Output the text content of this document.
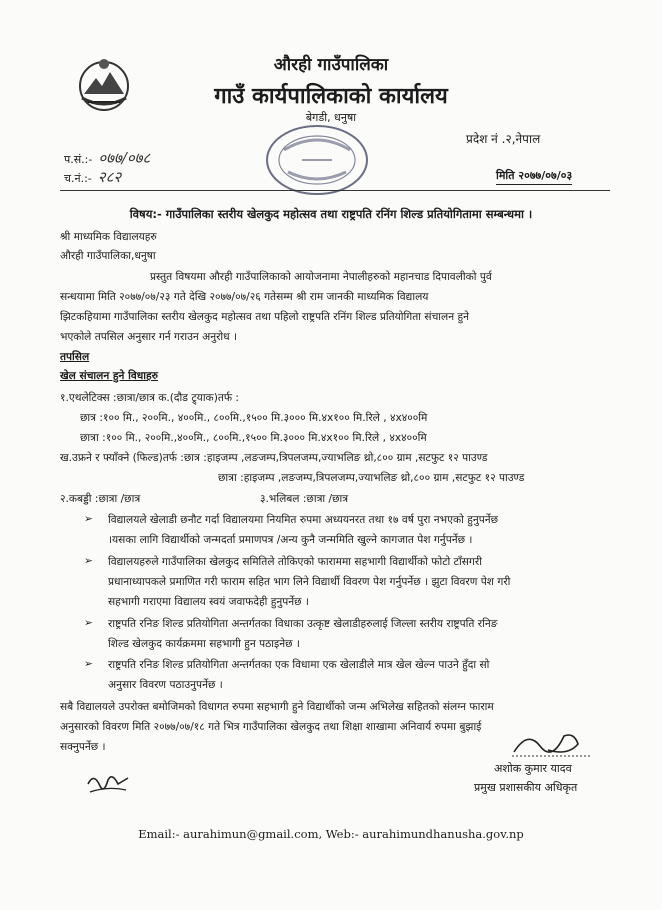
औरही गाउँपालिका
गाउँ कार्यपालिकाको कार्यालय
बेगडी, धनुषा
प.सं.:- ०७७/०७८
च.नं.:- २८२
प्रदेश नं .२,नेपाल
मिति २०७७/०७/०३
विषय:- गाउँपालिका स्तरीय खेलकुद महोत्सव तथा राष्ट्रपति रनिंग शिल्ड प्रतियोगितामा सम्बन्धमा ।
श्री माध्यमिक विद्यालयहरु
औरही गाउँपालिका,धनुषा
प्रस्तुत विषयमा औरही गाउँपालिकाको आयोजनामा नेपालीहरुको महानचाड दिपावलीको पुर्व
सन्धयामा मिति २०७७/०७/२३ गते देखि २०७७/०७/२६ गतेसम्म श्री राम जानकी माध्यमिक विद्यालय
झिटकहियामा गाउँपालिका स्तरीय खेलकुद महोत्सव तथा पहिलो राष्ट्रपति रनिंग शिल्ड प्रतियोगिता संचालन हुने
भएकोले तपसिल अनुसार गर्न गराउन अनुरोध ।
तपसिल
खेल संचालन हुने विधाहरु
१.एथलेटिक्स :छात्रा/छात्र क.(दौड ट्र्याक)तर्फ :
छात्र :१०० मि., २००मि., ४००मि., ८००मि.,१५०० मि.३००० मि.४x१०० मि.रिले , ४x४००मि
छात्रा :१०० मि., २००मि.,४००मि., ८००मि.,१५०० मि.३००० मि.४x१०० मि.रिले , ४x४००मि
ख.उफ्रने र फ्याँक्ने (फिल्ड)तर्फ :छात्र :हाइजम्प ,लङजम्प,त्रिपलजम्प,ज्याभलिङ थ्रो,८०० ग्राम ,सटफुट १२ पाउण्ड
छात्रा :हाइजम्प ,लङजम्प,त्रिपलजम्प,ज्याभलिङ थ्रो,८०० ग्राम ,सटफुट १२ पाउण्ड
२.कबड्डी :छात्रा /छात्र	३.भलिबल :छात्रा /छात्र
➢ विद्यालयले खेलाडी छनौट गर्दा विद्यालयमा नियमित रुपमा अध्ययनरत तथा १७ वर्ष पुरा नभएको हुनुपर्नेछ
।यसका लागि विद्यार्थीको जन्मदर्ता प्रमाणपत्र /अन्य कुनै जन्ममिति खुल्ने कागजात पेश गर्नुपर्नेछ ।
➢ विद्यालयहरुले गाउँपालिका खेलकुद समितिले तोकिएको फाराममा सहभागी विद्यार्थीको फोटो टाँसगरी
प्रधानाध्यापकले प्रमाणित गरी फाराम सहित भाग लिने विद्यार्थी विवरण पेश गर्नुपर्नेछ । झुटा विवरण पेश गरी
सहभागी गराएमा विद्यालय स्वयं जवाफदेही हुनुपर्नेछ ।
➢ राष्ट्रपति रनिङ शिल्ड प्रतियोगिता अन्तर्गतका विधाका उत्कृष्ट खेलाडीहरुलाई जिल्ला स्तरीय राष्ट्रपति रनिङ
शिल्ड खेलकुद कार्यक्रममा सहभागी हुन पठाइनेछ ।
➢ राष्ट्रपति रनिङ शिल्ड प्रतियोगिता अन्तर्गतका एक विधामा एक खेलाडीले मात्र खेल खेल्न पाउने हुँदा सो
अनुसार विवरण पठाउनुपर्नेछ ।
सबै विद्यालयले उपरोक्त बमोजिमको विधागत रुपमा सहभागी हुने विद्यार्थीको जन्म अभिलेख सहितको संलग्न फाराम
अनुसारको विवरण मिति २०७७/०७/१८ गते भित्र गाउँपालिका खेलकुद तथा शिक्षा शाखामा अनिवार्य रुपमा बुझाई
सक्नुपर्नेछ ।
अशोक कुमार यादव
प्रमुख प्रशासकीय अधिकृत
Email:- aurahimun@gmail.com, Web:- aurahimundhanusha.gov.np
